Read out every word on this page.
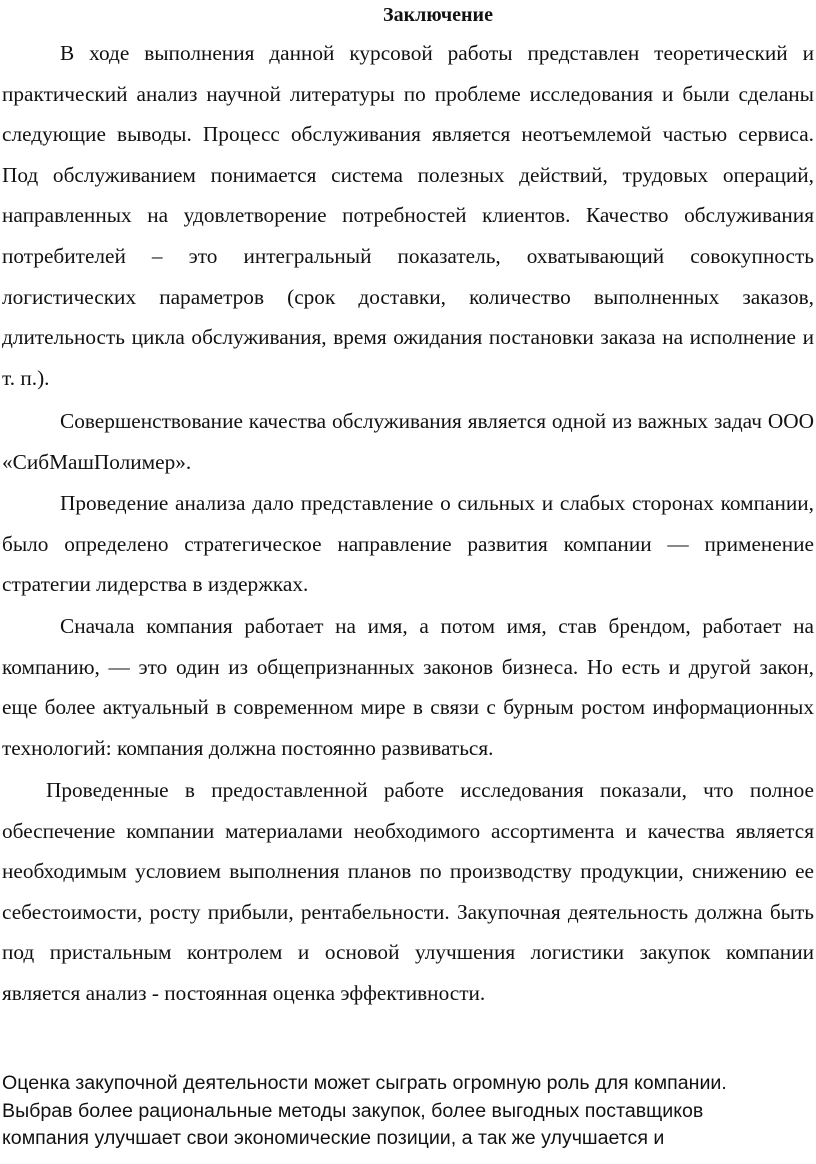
Заключение

В ходе выполнения данной курсовой работы представлен теоретический и практический анализ научной литературы по проблеме исследования и были сделаны следующие выводы. Процесс обслуживания является неотъемлемой частью сервиса. Под обслуживанием понимается система полезных действий, трудовых операций, направленных на удовлетворение потребностей клиентов. Качество обслуживания потребителей – это интегральный показатель, охватывающий совокупность логистических параметров (срок доставки, количество выполненных заказов, длительность цикла обслуживания, время ожидания постановки заказа на исполнение и т. п.).

Совершенствование качества обслуживания является одной из важных задач ООО «СибМашПолимер».

Проведение анализа дало представление о сильных и слабых сторонах компании, было определено стратегическое направление развития компании — применение стратегии лидерства в издержках.

Сначала компания работает на имя, а потом имя, став брендом, работает на компанию, — это один из общепризнанных законов бизнеса. Но есть и другой закон, еще более актуальный в современном мире в связи с бурным ростом информационных технологий: компания должна постоянно развиваться.

Проведенные в предоставленной работе исследования показали, что полное обеспечение компании материалами необходимого ассортимента и качества является необходимым условием выполнения планов по производству продукции, снижению ее себестоимости, росту прибыли, рентабельности. Закупочная деятельность должна быть под пристальным контролем и основой улучшения логистики закупок компании является анализ - постоянная оценка эффективности.

Оценка закупочной деятельности может сыграть огромную роль для компании.
Выбрав более рациональные методы закупок, более выгодных поставщиков
компания улучшает свои экономические позиции, а так же улучшается и
